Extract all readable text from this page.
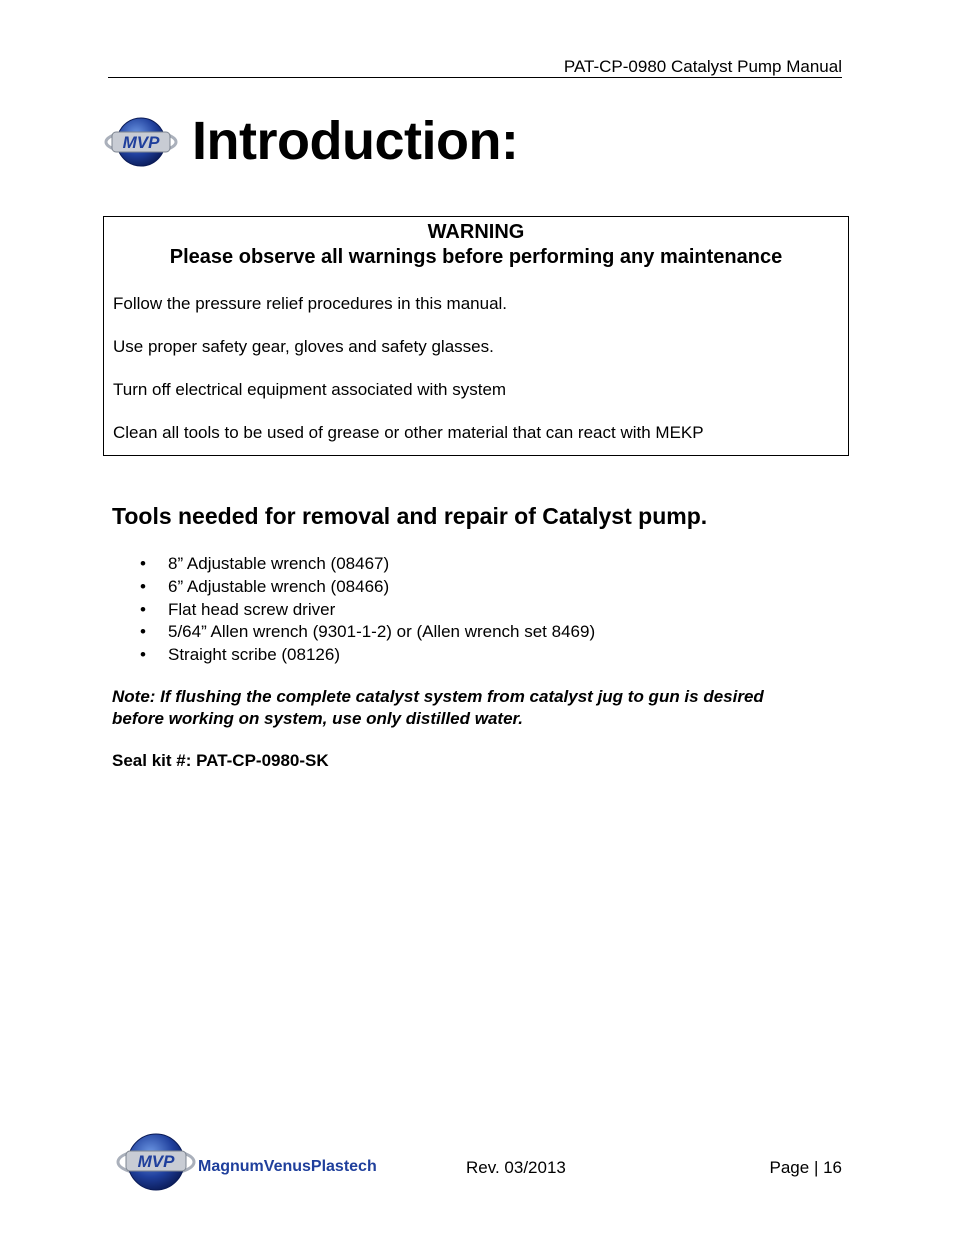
PAT-CP-0980 Catalyst Pump Manual
MVP Introduction:
WARNING
Please observe all warnings before performing any maintenance
Follow the pressure relief procedures in this manual.
Use proper safety gear, gloves and safety glasses.
Turn off electrical equipment associated with system
Clean all tools to be used of grease or other material that can react with MEKP
Tools needed for removal and repair of Catalyst pump.
• 8” Adjustable wrench (08467)
• 6” Adjustable wrench (08466)
• Flat head screw driver
• 5/64” Allen wrench (9301-1-2) or (Allen wrench set 8469)
• Straight scribe (08126)
Note: If flushing the complete catalyst system from catalyst jug to gun is desired
before working on system, use only distilled water.
Seal kit #: PAT-CP-0980-SK
MVP MagnumVenusPlastech	Rev. 03/2013	Page | 16
